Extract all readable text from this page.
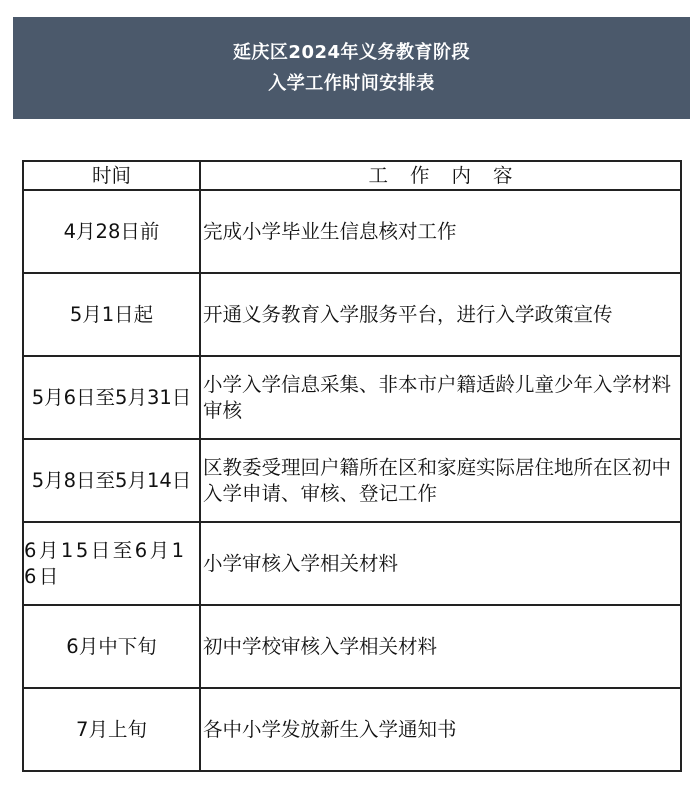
延庆区2024年义务教育阶段
入学工作时间安排表
时间	工作内容
4月28日前	完成小学毕业生信息核对工作
5月1日起	开通义务教育入学服务平台，进行入学政策宣传
5月6日至5月31日	小学入学信息采集、非本市户籍适龄儿童少年入学材料审核
5月8日至5月14日	区教委受理回户籍所在区和家庭实际居住地所在区初中入学申请、审核、登记工作
6月15日至6月16日	小学审核入学相关材料
6月中下旬	初中学校审核入学相关材料
7月上旬	各中小学发放新生入学通知书
